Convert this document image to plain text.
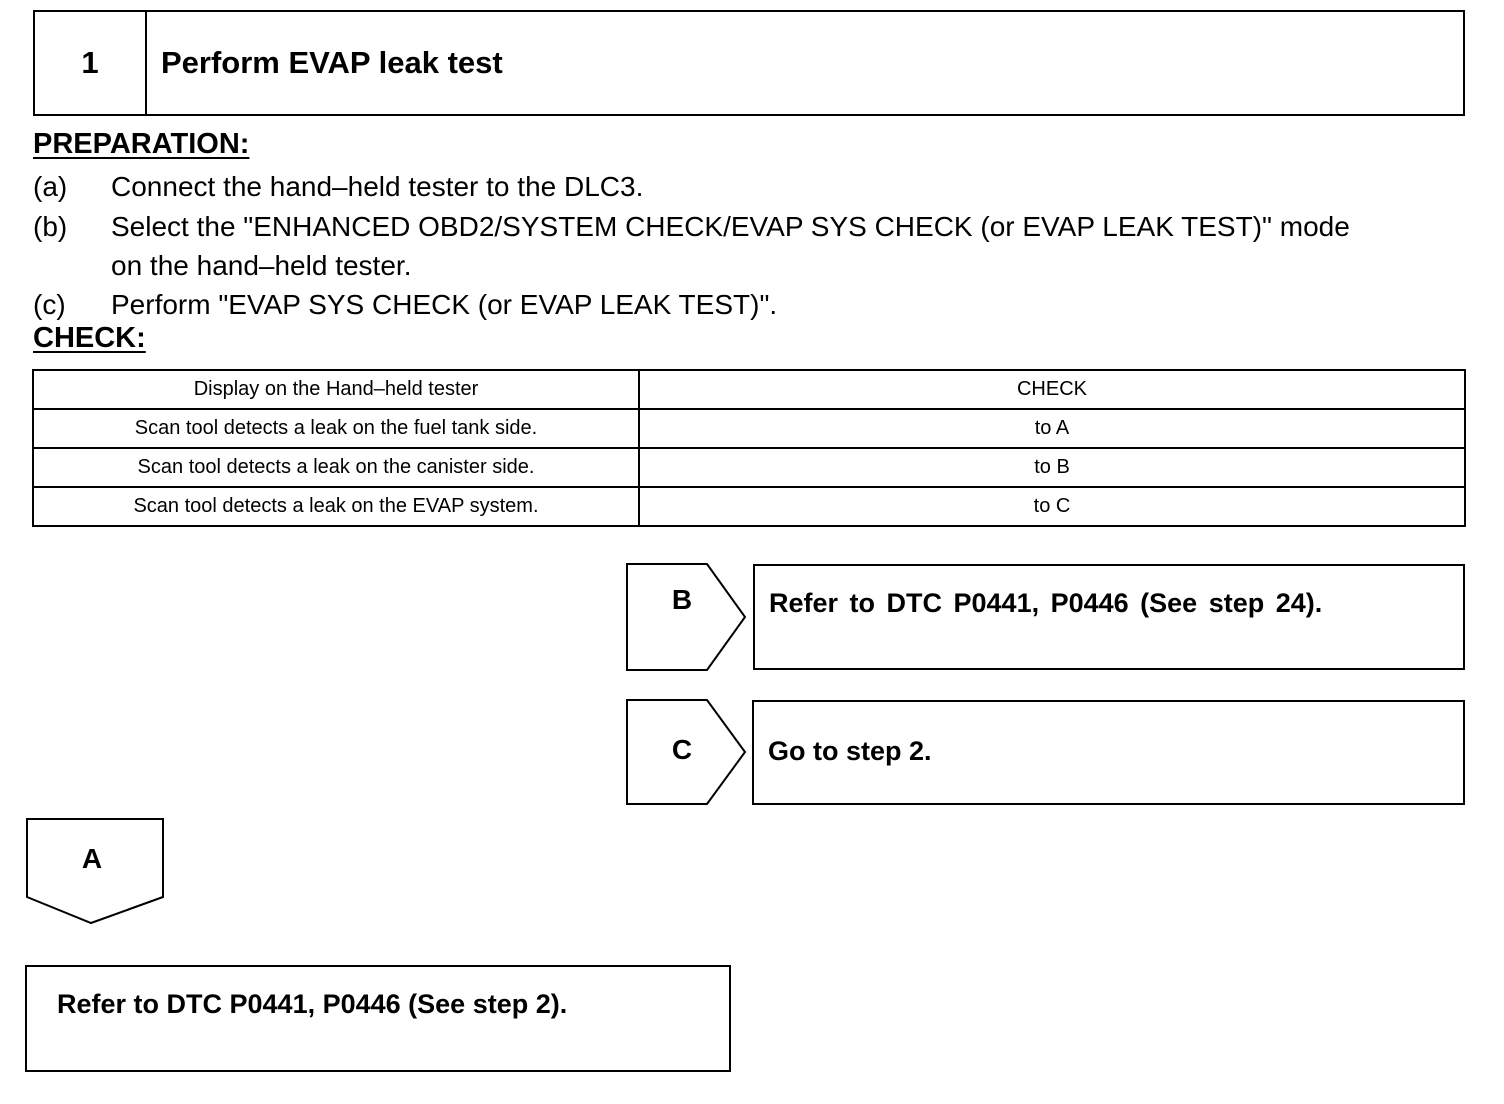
1	Perform EVAP leak test
PREPARATION:
(a) Connect the hand–held tester to the DLC3.
(b) Select the "ENHANCED OBD2/SYSTEM CHECK/EVAP SYS CHECK (or EVAP LEAK TEST)" mode
on the hand–held tester.
(c) Perform "EVAP SYS CHECK (or EVAP LEAK TEST)".
CHECK:
Display on the Hand–held tester	CHECK
Scan tool detects a leak on the fuel tank side.	to A
Scan tool detects a leak on the canister side.	to B
Scan tool detects a leak on the EVAP system.	to C
B	Refer to DTC P0441, P0446 (See step 24).
C	Go to step 2.
A
Refer to DTC P0441, P0446 (See step 2).
